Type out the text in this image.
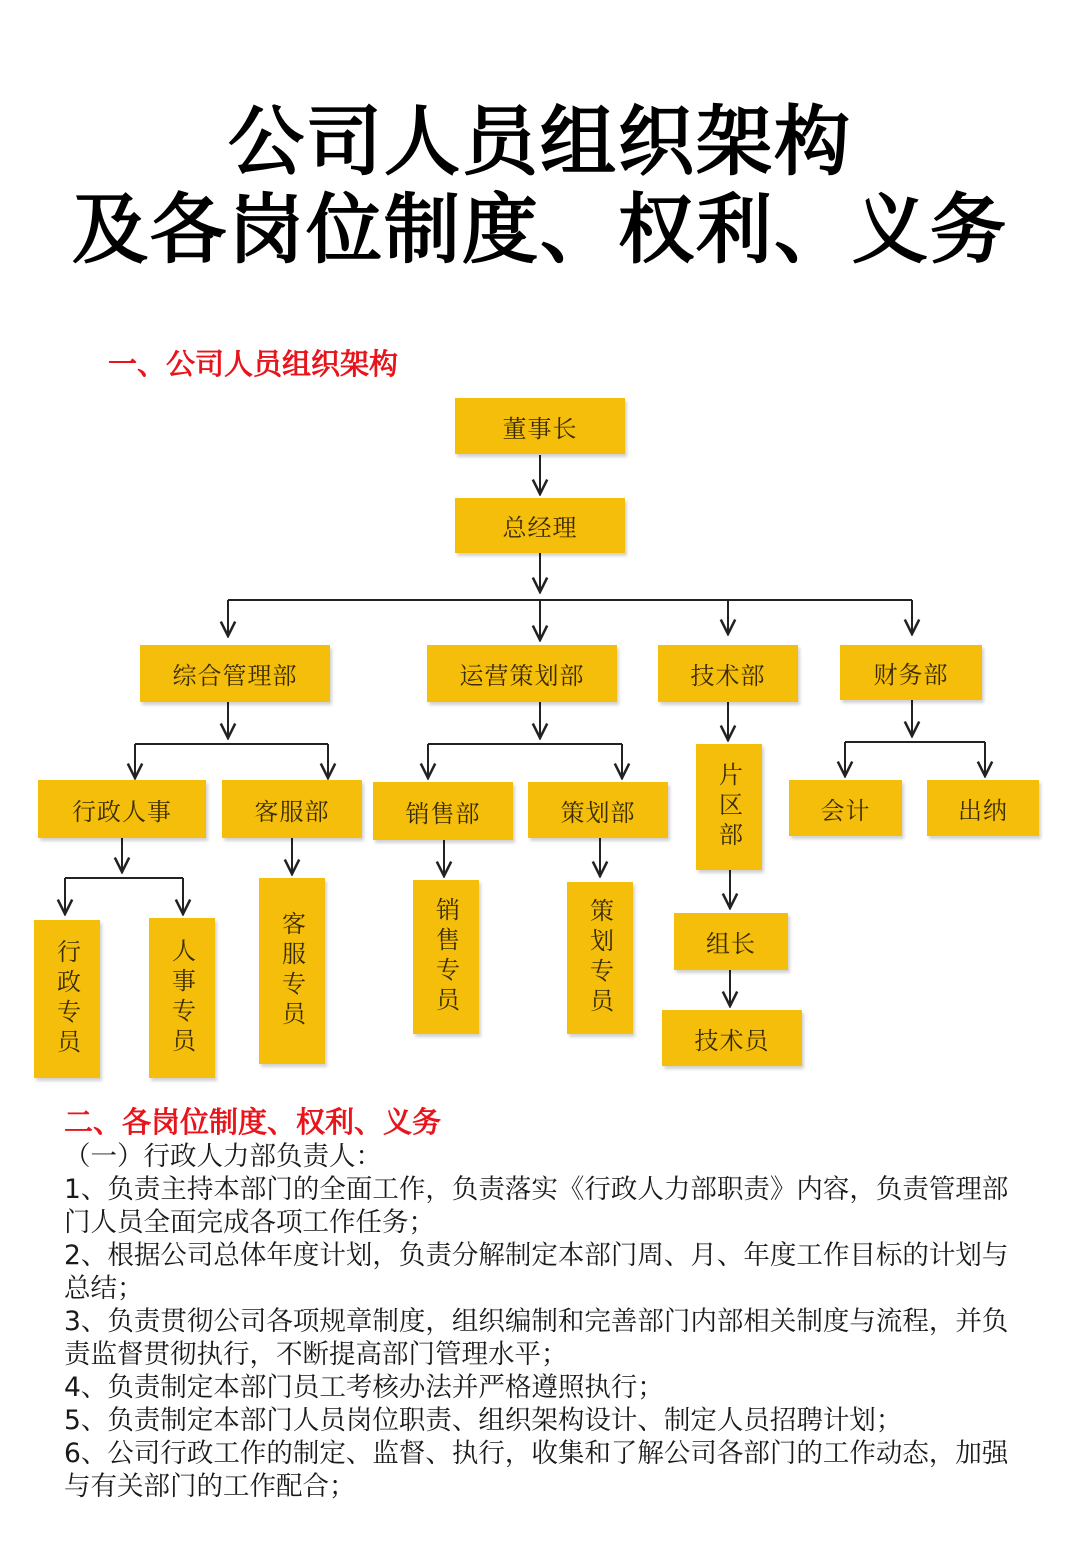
公司人员组织架构
及各岗位制度、权利、义务
一、公司人员组织架构
董事长
总经理
综合管理部	运营策划部	技术部	财务部
行政人事	客服部	销售部	策划部	片区部	会计	出纳
行政专员	人事专员	客服专员	销售专员	策划专员	组长
技术员
二、各岗位制度、权利、义务

（一）行政人力部负责人：

1、负责主持本部门的全面工作，负责落实《行政人力部职责》内容，负责管理部门人员全面完成各项工作任务；

2、根据公司总体年度计划，负责分解制定本部门周、月、年度工作目标的计划与总结；

3、负责贯彻公司各项规章制度，组织编制和完善部门内部相关制度与流程，并负责监督贯彻执行，不断提高部门管理水平；

4、负责制定本部门员工考核办法并严格遵照执行；

5、负责制定本部门人员岗位职责、组织架构设计、制定人员招聘计划；

6、公司行政工作的制定、监督、执行，收集和了解公司各部门的工作动态，加强与有关部门的工作配合；
